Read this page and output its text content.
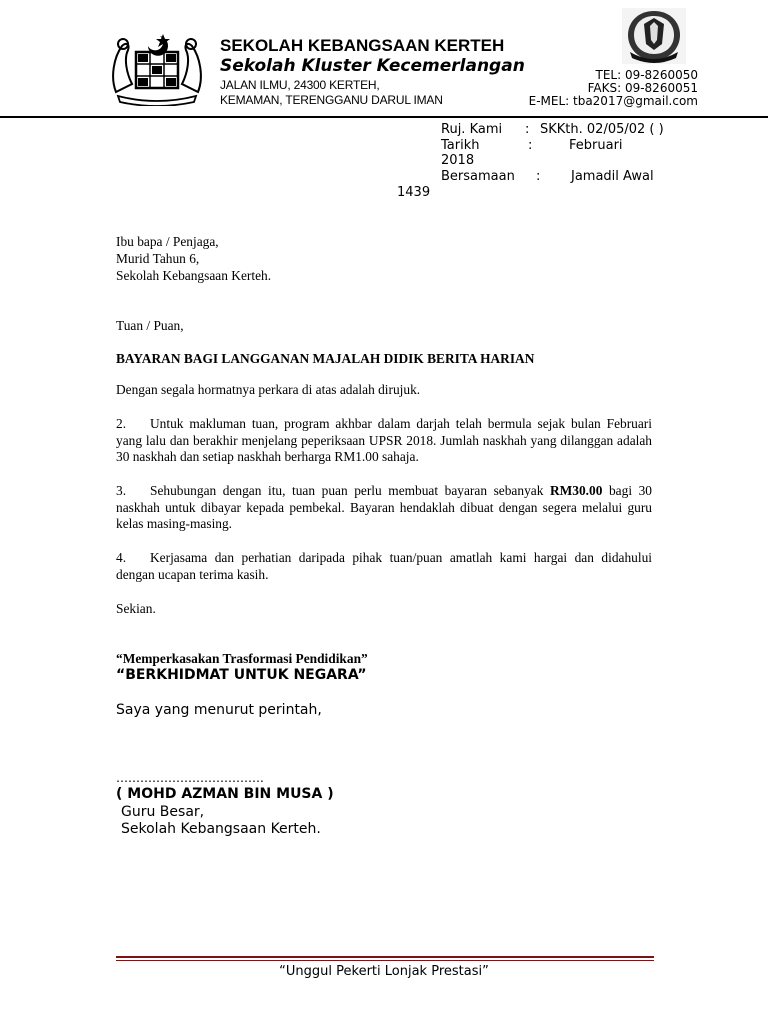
SEKOLAH KEBANGSAAN KERTEH
Sekolah Kluster Kecemerlangan
JALAN ILMU, 24300 KERTEH,
KEMAMAN, TERENGGANU DARUL IMAN
TEL: 09-8260050
FAKS: 09-8260051
E-MEL: tba2017@gmail.com
Ruj. Kami : SKKth. 02/05/02 ( )
Tarikh	:	Februari
2018
Bersamaan : Jamadil Awal
1439
Ibu bapa / Penjaga,
Murid Tahun 6,
Sekolah Kebangsaan Kerteh.
Tuan / Puan,
BAYARAN BAGI LANGGANAN MAJALAH DIDIK BERITA HARIAN
Dengan segala hormatnya perkara di atas adalah dirujuk.
2. Untuk makluman tuan, program akhbar dalam darjah telah bermula sejak bulan Februari yang lalu dan berakhir menjelang peperiksaan UPSR 2018. Jumlah naskhah yang dilanggan adalah 30 naskhah dan setiap naskhah berharga RM1.00 sahaja.
3. Sehubungan dengan itu, tuan puan perlu membuat bayaran sebanyak RM30.00 bagi 30 naskhah untuk dibayar kepada pembekal. Bayaran hendaklah dibuat dengan segera melalui guru kelas masing-masing.
4. Kerjasama dan perhatian daripada pihak tuan/puan amatlah kami hargai dan didahului dengan ucapan terima kasih.
Sekian.
“Memperkasakan Trasformasi Pendidikan”
“BERKHIDMAT UNTUK NEGARA”
Saya yang menurut perintah,
……………………………….
( MOHD AZMAN BIN MUSA )
Guru Besar,
Sekolah Kebangsaan Kerteh.
“Unggul Pekerti Lonjak Prestasi”
